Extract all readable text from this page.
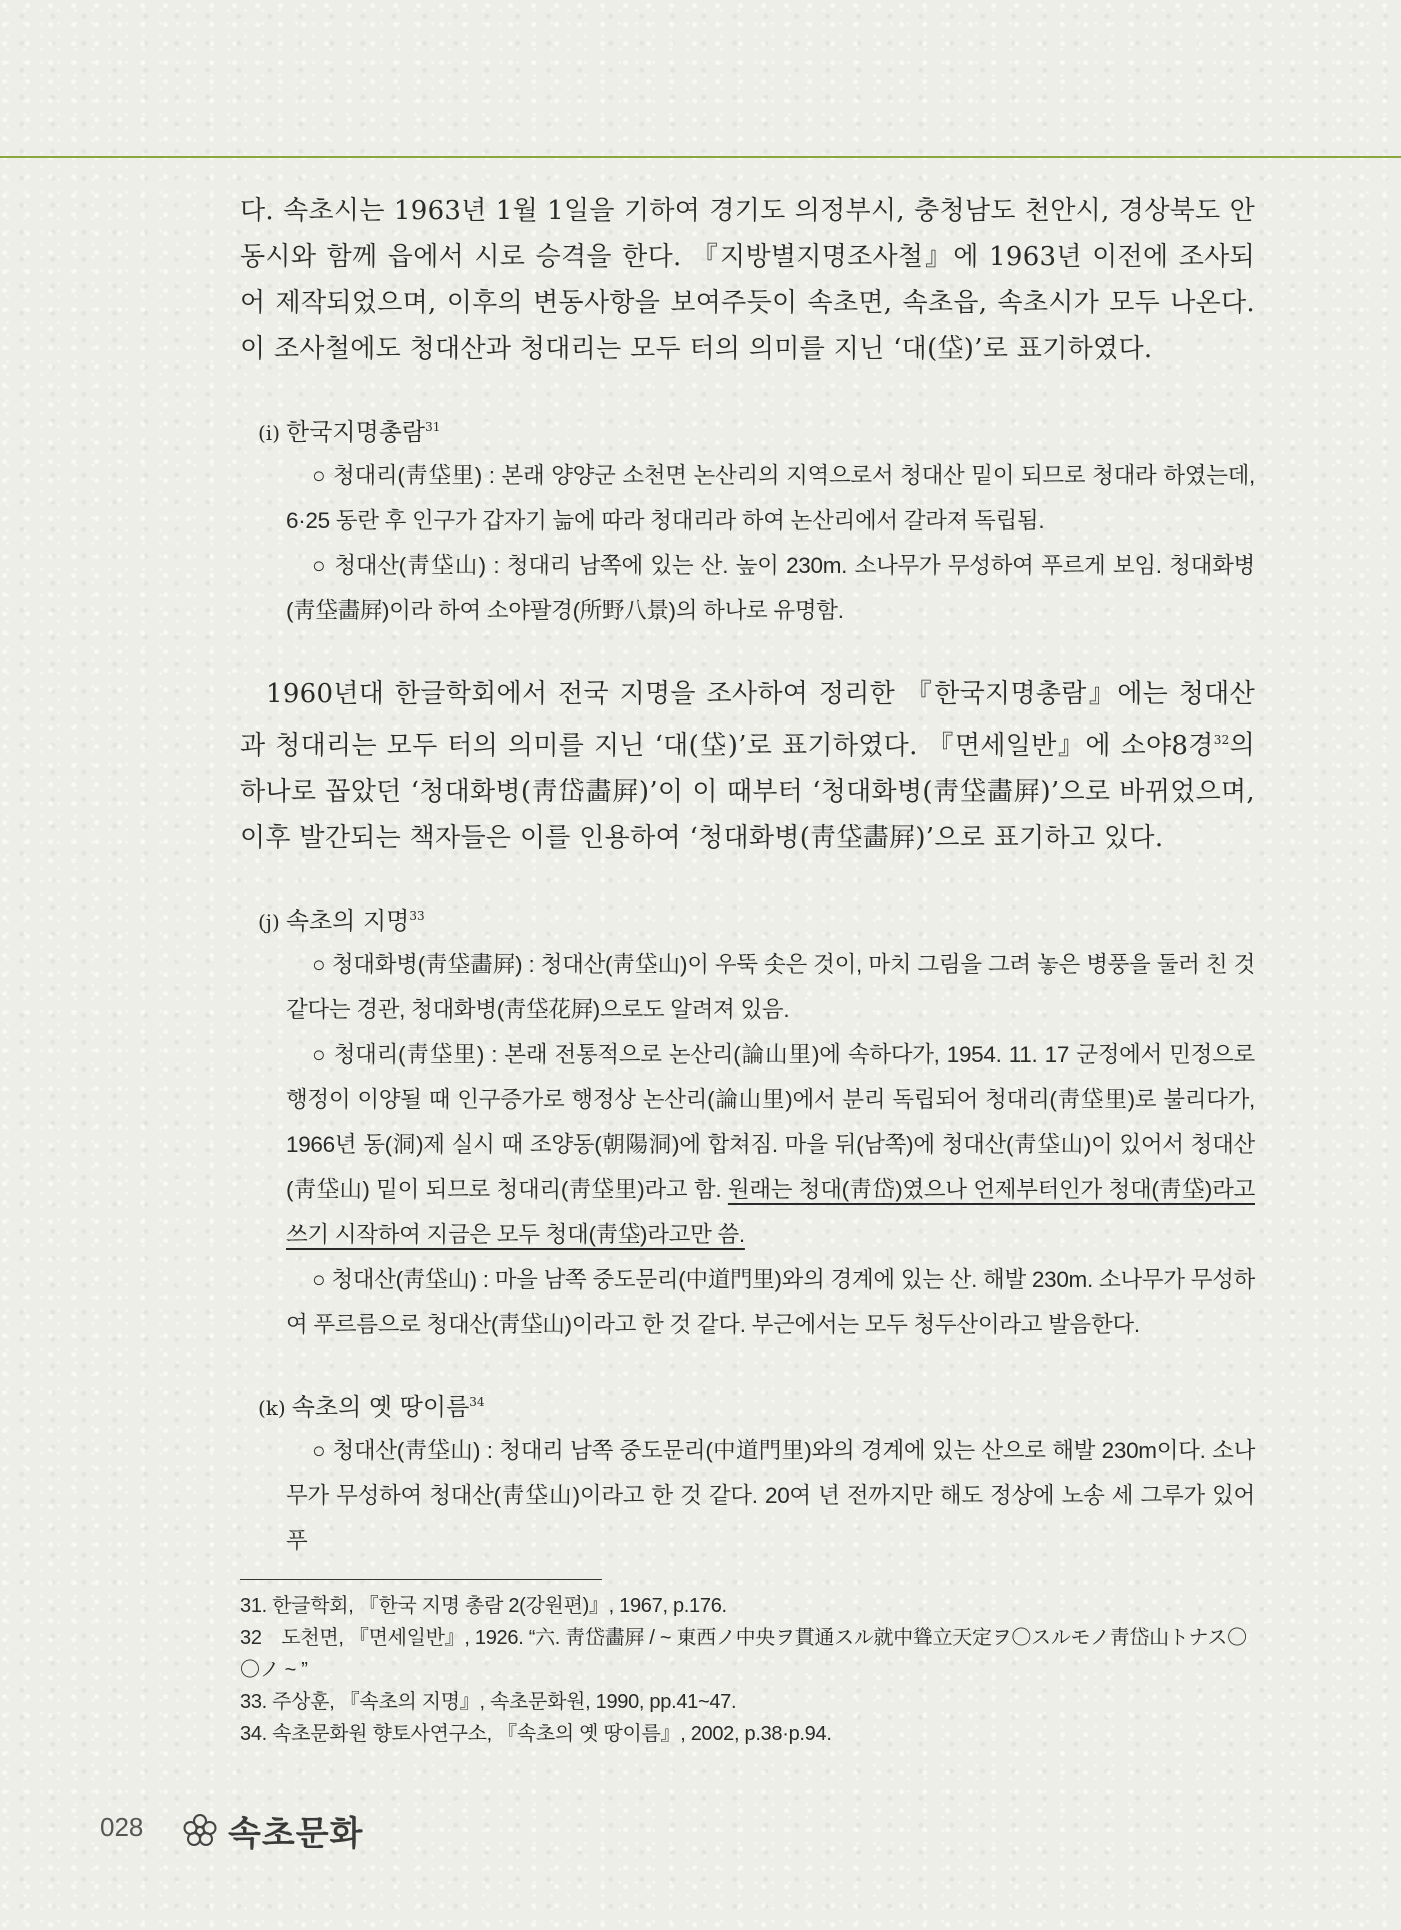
다. 속초시는 1963년 1월 1일을 기하여 경기도 의정부시, 충청남도 천안시, 경상북도 안동시와 함께 읍에서 시로 승격을 한다. 『지방별지명조사철』에 1963년 이전에 조사되어 제작되었으며, 이후의 변동사항을 보여주듯이 속초면, 속초읍, 속초시가 모두 나온다. 이 조사철에도 청대산과 청대리는 모두 터의 의미를 지닌 ‘대(垈)’로 표기하였다.

(i) 한국지명총람$^{31}$
○ 청대리(靑垈里) : 본래 양양군 소천면 논산리의 지역으로서 청대산 밑이 되므로 청대라 하였는데, 6·25 동란 후 인구가 갑자기 늚에 따라 청대리라 하여 논산리에서 갈라져 독립됨.
○ 청대산(靑垈山) : 청대리 남쪽에 있는 산. 높이 230m. 소나무가 무성하여 푸르게 보임. 청대화병(靑垈畵屛)이라 하여 소야팔경(所野八景)의 하나로 유명함.

1960년대 한글학회에서 전국 지명을 조사하여 정리한 『한국지명총람』에는 청대산과 청대리는 모두 터의 의미를 지닌 ‘대(垈)’로 표기하였다. 『면세일반』에 소야8경$^{32}$의 하나로 꼽았던 ‘청대화병(靑岱畵屛)’이 이 때부터 ‘청대화병(靑垈畵屛)’으로 바뀌었으며, 이후 발간되는 책자들은 이를 인용하여 ‘청대화병(靑垈畵屛)’으로 표기하고 있다.

(j) 속초의 지명$^{33}$
○ 청대화병(靑垈畵屛) : 청대산(靑垈山)이 우뚝 솟은 것이, 마치 그림을 그려 놓은 병풍을 둘러 친 것 같다는 경관, 청대화병(靑垈花屛)으로도 알려져 있음.
○ 청대리(靑垈里) : 본래 전통적으로 논산리(論山里)에 속하다가, 1954. 11. 17 군정에서 민정으로 행정이 이양될 때 인구증가로 행정상 논산리(論山里)에서 분리 독립되어 청대리(靑垈里)로 불리다가, 1966년 동(洞)제 실시 때 조양동(朝陽洞)에 합쳐짐. 마을 뒤(남쪽)에 청대산(靑垈山)이 있어서 청대산(靑垈山) 밑이 되므로 청대리(靑垈里)라고 함. 원래는 청대(靑岱)였으나 언제부터인가 청대(靑垈)라고 쓰기 시작하여 지금은 모두 청대(靑垈)라고만 씀.
○ 청대산(靑垈山) : 마을 남쪽 중도문리(中道門里)와의 경계에 있는 산. 해발 230m. 소나무가 무성하여 푸르름으로 청대산(靑垈山)이라고 한 것 같다. 부근에서는 모두 청두산이라고 발음한다.
(k) 속초의 옛 땅이름$^{34}$
○ 청대산(靑垈山) : 청대리 남쪽 중도문리(中道門里)와의 경계에 있는 산으로 해발 230m이다. 소나무가 무성하여 청대산(靑垈山)이라고 한 것 같다. 20여 년 전까지만 해도 정상에 노송 세 그루가 있어 푸
31. 한글학회, 『한국 지명 총람 2(강원편)』, 1967, p.176.
32　도천면, 『면세일반』, 1926. “六. 靑岱畵屛 / ~ 東西ノ中央ヲ貫通スル就中聳立天定ヲ〇スルモノ靑岱山トナス〇〇ノ ~ ”
33. 주상훈, 『속초의 지명』, 속초문화원, 1990, pp.41~47.
34. 속초문화원 향토사연구소, 『속초의 옛 땅이름』, 2002, p.38·p.94.
028 속초문화
